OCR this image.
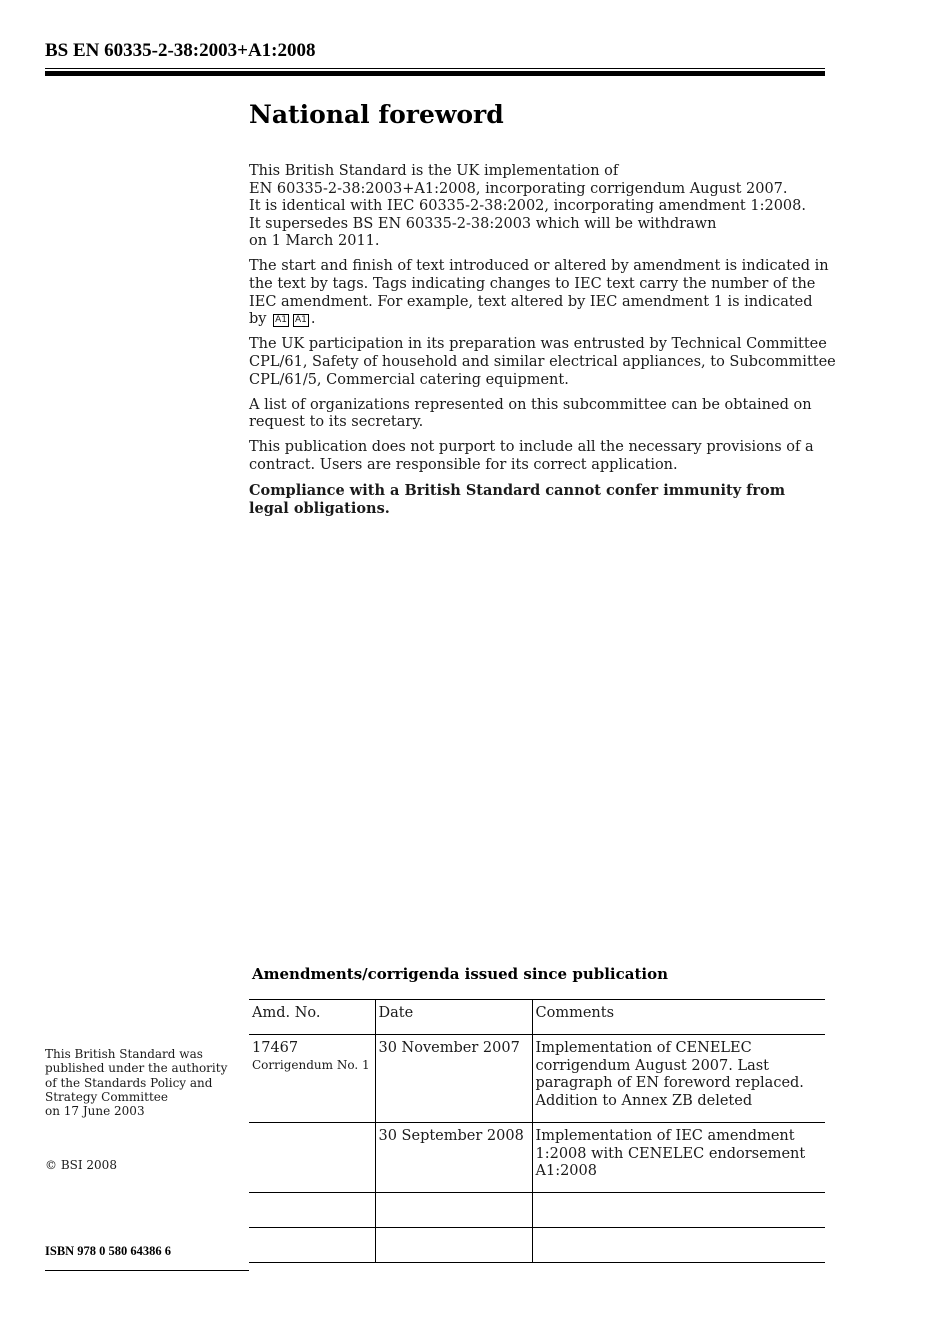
BS EN 60335-2-38:2003+A1:2008
National foreword

This British Standard is the UK implementation of
EN 60335-2-38:2003+A1:2008, incorporating corrigendum August 2007.
It is identical with IEC 60335-2-38:2002, incorporating amendment 1:2008.
It supersedes BS EN 60335-2-38:2003 which will be withdrawn
on 1 March 2011.

The start and finish of text introduced or altered by amendment is indicated in
the text by tags. Tags indicating changes to IEC text carry the number of the
IEC amendment. For example, text altered by IEC amendment 1 is indicated
by A1 A1 .

The UK participation in its preparation was entrusted by Technical Committee
CPL/61, Safety of household and similar electrical appliances, to Subcommittee
CPL/61/5, Commercial catering equipment.

A list of organizations represented on this subcommittee can be obtained on
request to its secretary.

This publication does not purport to include all the necessary provisions of a
contract. Users are responsible for its correct application.

Compliance with a British Standard cannot confer immunity from
legal obligations.

This British Standard was
published under the authority
of the Standards Policy and
Strategy Committee
on 17 June 2003
© BSI 2008
ISBN 978 0 580 64386 6
Amendments/corrigenda issued since publication
Amd. No.	Date	Comments

17467
Corrigendum No. 1	30 November 2007	Implementation of CENELEC
corrigendum August 2007. Last
paragraph of EN foreword replaced.
Addition to Annex ZB deleted

	30 September 2008	Implementation of IEC amendment
1:2008 with CENELEC endorsement
A1:2008
